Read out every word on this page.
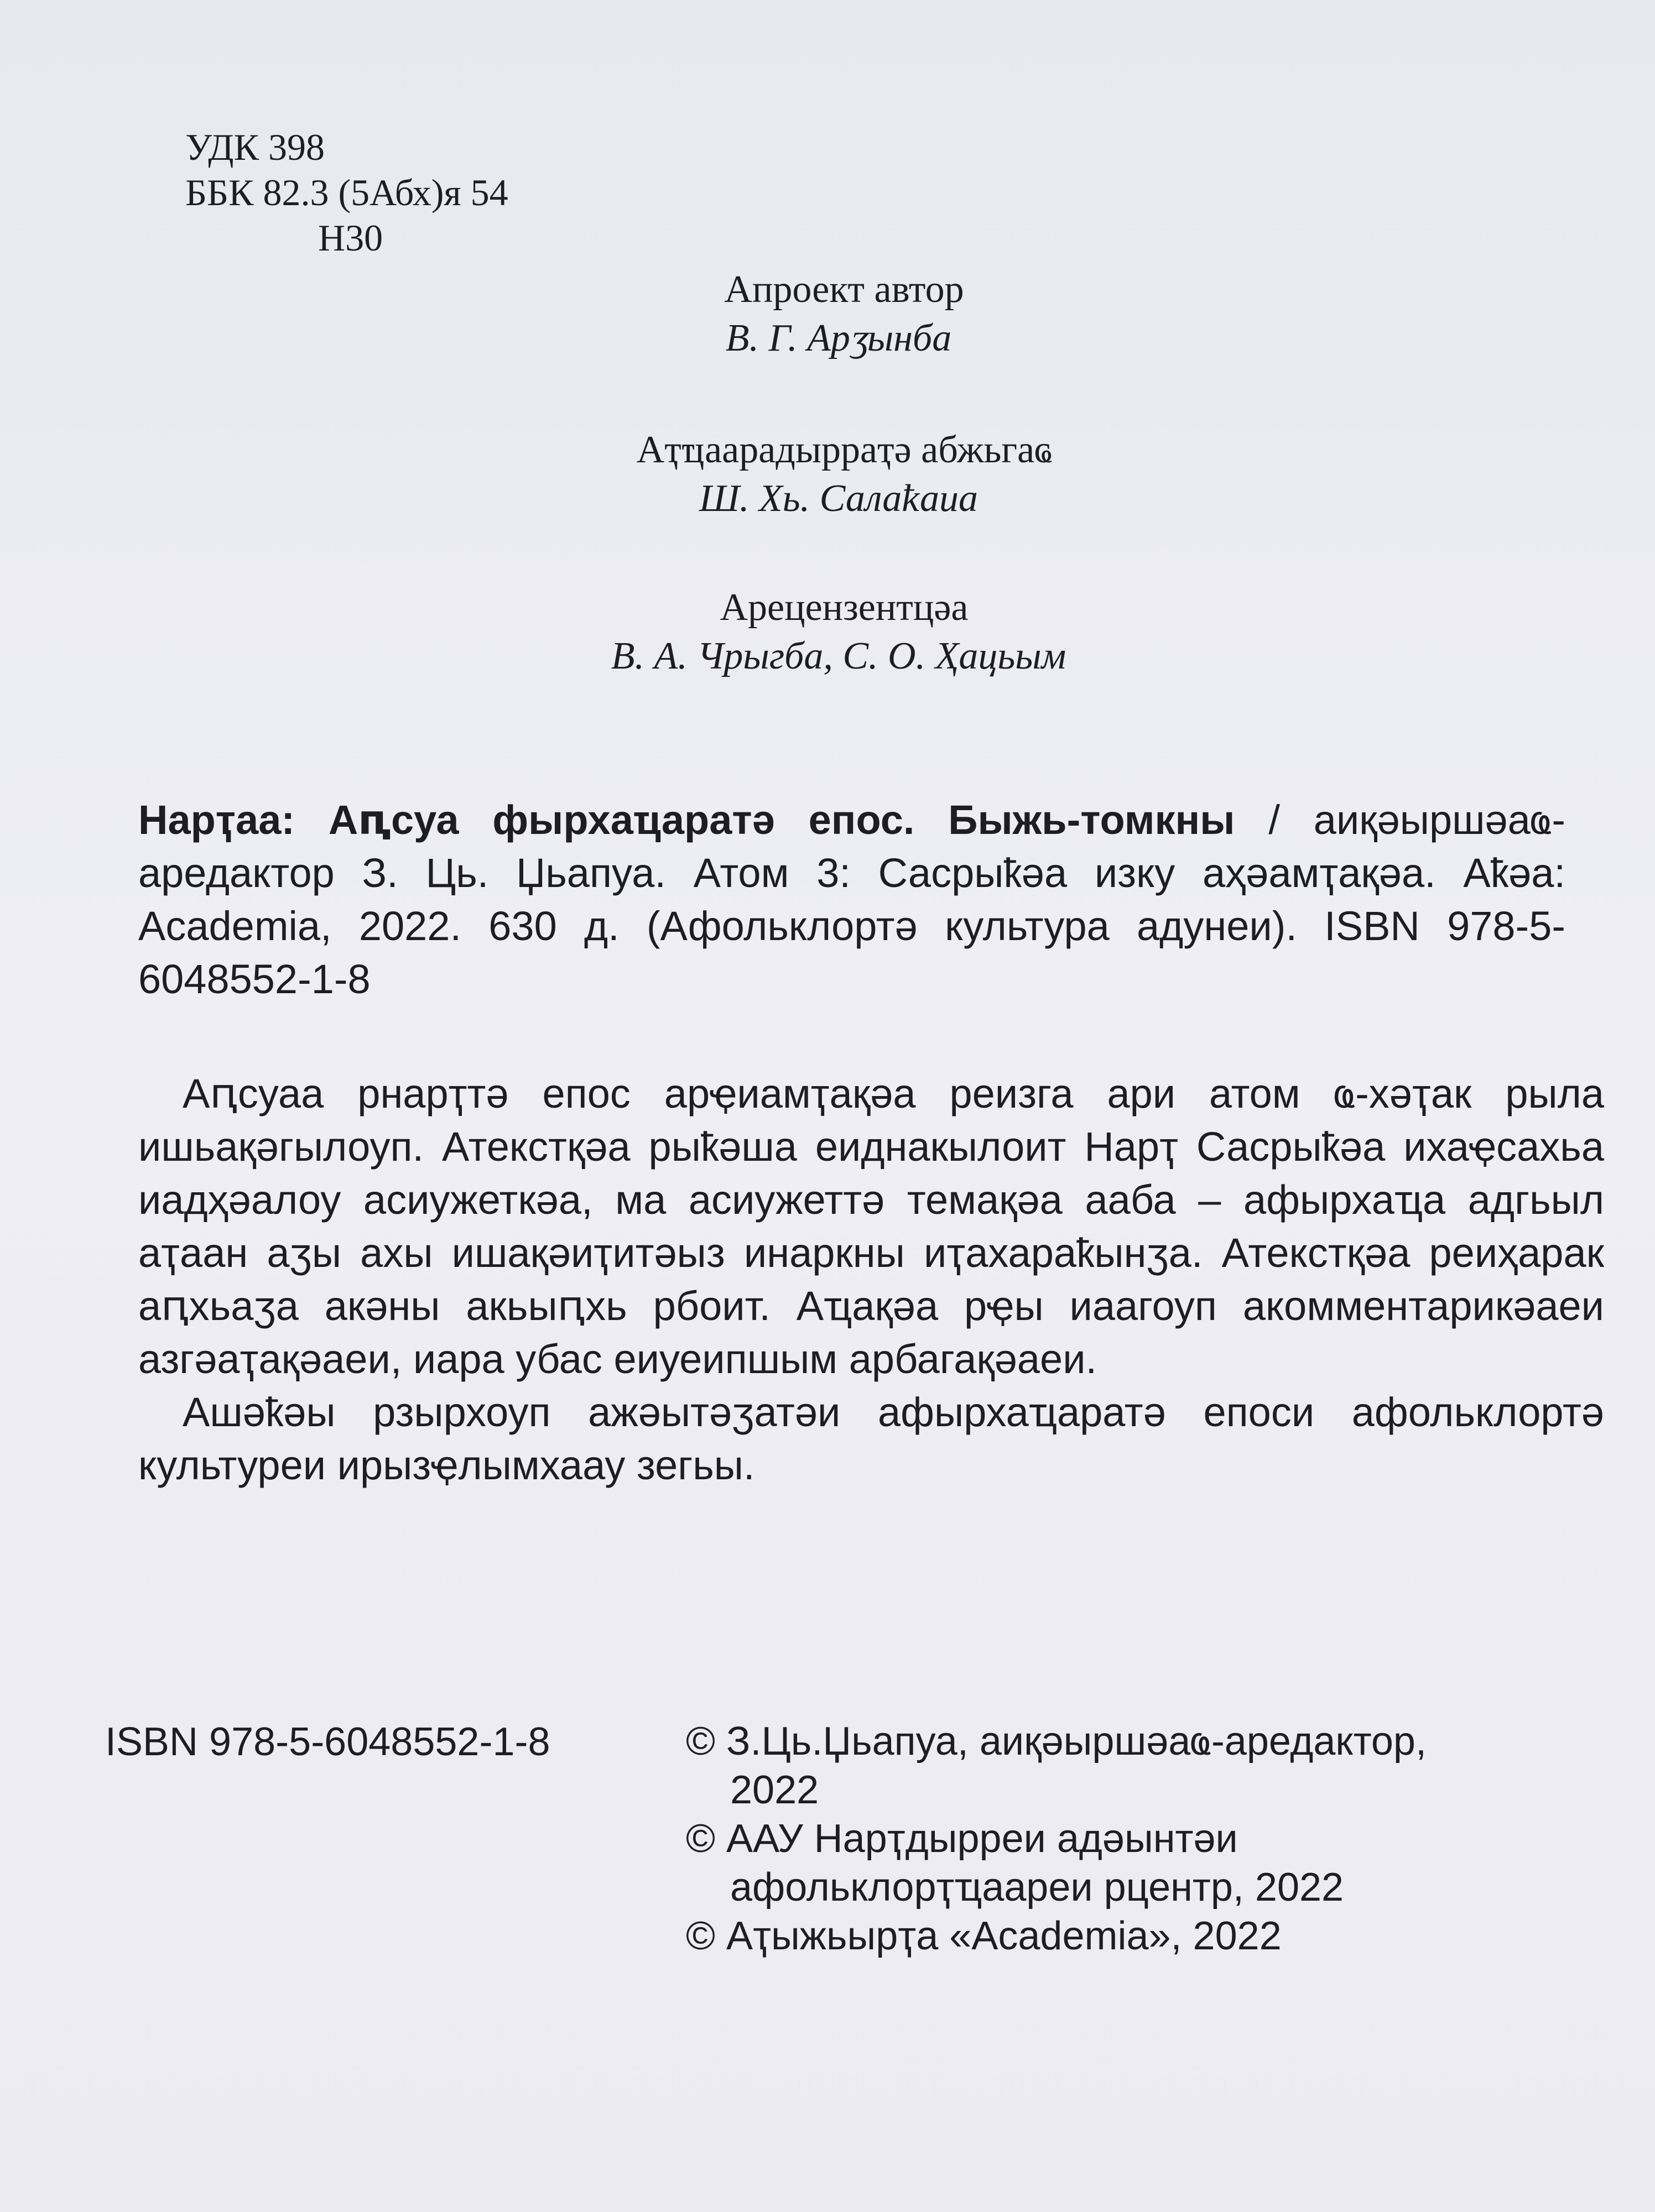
УДК 398
ББК 82.3 (5Абх)я 54
Н30
Апроект автор
В. Г. Арӡынба
Аҭҵаарадырраҭә абжьгаҩ
Ш. Хь. Салаҟаиа
Арецензентцәа
В. А. Чрыгба, С. О. Ҳацьым
Нарҭаа: Аԥсуа фырхаҵаратә епос. Быжь-томкны / аиқәыршәаҩ-аредактор З. Ць. Џьапуа. Атом 3: Сасрыҟәа изку аҳәамҭақәа. Аҟәа: Academia, 2022. 630 д. (Афольклортә культура адунеи). ISBN 978-5-6048552-1-8

Аԥсуаа рнарҭтә епос арҿиамҭақәа реизга ари атом ҩ-хәҭак рыла ишьақәгылоуп. Атекстқәа рыҟәша еиднакылоит Нарҭ Сасрыҟәа ихаҿсахьа иадҳәалоу асиужеткәа, ма асиужеттә темақәа ааба – афырхаҵа адгьыл аҭаан аӡы ахы ишақәиҭитәыз инаркны иҭахараҟынӡа. Атекстқәа реиҳарак аԥхьаӡа акәны акьыԥхь рбоит. Аҵақәа рҿы иаагоуп акомментарикәаеи азгәаҭақәаеи, иара убас еиуеипшым арбагақәаеи.

Ашәҟәы рзырхоуп ажәытәӡатәи афырхаҵаратә епоси афольклортә культуреи ирызҿлымхаау зегьы.

ISBN 978-5-6048552-1-8	© З.Ць.Џьапуа, аиқәыршәаҩ-аредактор,
2022
© ААУ Нарҭдырреи адәынтәи
афольклорҭҵаареи рцентр, 2022
© Аҭыжьырҭа «Academia», 2022
